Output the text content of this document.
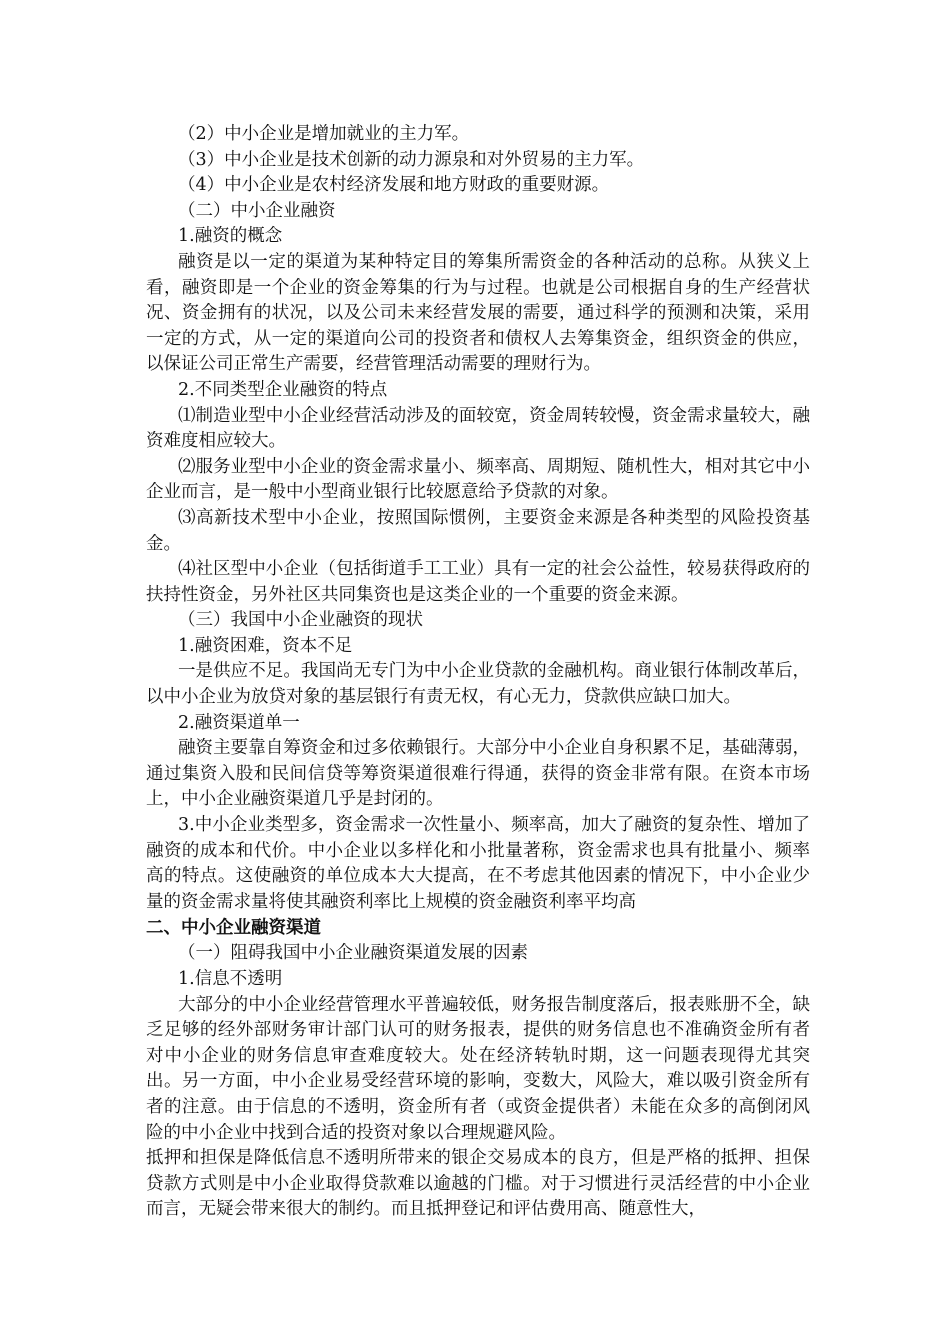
（2）中小企业是增加就业的主力军。

（3）中小企业是技术创新的动力源泉和对外贸易的主力军。

（4）中小企业是农村经济发展和地方财政的重要财源。

（二）中小企业融资

1.融资的概念

融资是以一定的渠道为某种特定目的筹集所需资金的各种活动的总称。从狭义上看，融资即是一个企业的资金筹集的行为与过程。也就是公司根据自身的生产经营状况、资金拥有的状况，以及公司未来经营发展的需要，通过科学的预测和决策，采用一定的方式，从一定的渠道向公司的投资者和债权人去筹集资金，组织资金的供应，以保证公司正常生产需要，经营管理活动需要的理财行为。

2.不同类型企业融资的特点

⑴制造业型中小企业经营活动涉及的面较宽，资金周转较慢，资金需求量较大，融资难度相应较大。

⑵服务业型中小企业的资金需求量小、频率高、周期短、随机性大，相对其它中小企业而言，是一般中小型商业银行比较愿意给予贷款的对象。

⑶高新技术型中小企业，按照国际惯例，主要资金来源是各种类型的风险投资基金。

⑷社区型中小企业（包括街道手工工业）具有一定的社会公益性，较易获得政府的扶持性资金，另外社区共同集资也是这类企业的一个重要的资金来源。

（三）我国中小企业融资的现状

1.融资困难，资本不足

一是供应不足。我国尚无专门为中小企业贷款的金融机构。商业银行体制改革后，以中小企业为放贷对象的基层银行有责无权，有心无力，贷款供应缺口加大。

2.融资渠道单一

融资主要靠自筹资金和过多依赖银行。大部分中小企业自身积累不足，基础薄弱，通过集资入股和民间信贷等筹资渠道很难行得通，获得的资金非常有限。在资本市场上，中小企业融资渠道几乎是封闭的。

3.中小企业类型多，资金需求一次性量小、频率高，加大了融资的复杂性、增加了融资的成本和代价。中小企业以多样化和小批量著称，资金需求也具有批量小、频率高的特点。这使融资的单位成本大大提高，在不考虑其他因素的情况下，中小企业少量的资金需求量将使其融资利率比上规模的资金融资利率平均高

二、中小企业融资渠道

（一）阻碍我国中小企业融资渠道发展的因素

1.信息不透明

大部分的中小企业经营管理水平普遍较低，财务报告制度落后，报表账册不全，缺乏足够的经外部财务审计部门认可的财务报表，提供的财务信息也不准确资金所有者对中小企业的财务信息审查难度较大。处在经济转轨时期，这一问题表现得尤其突出。另一方面，中小企业易受经营环境的影响，变数大，风险大，难以吸引资金所有者的注意。由于信息的不透明，资金所有者（或资金提供者）未能在众多的高倒闭风险的中小企业中找到合适的投资对象以合理规避风险。

抵押和担保是降低信息不透明所带来的银企交易成本的良方，但是严格的抵押、担保贷款方式则是中小企业取得贷款难以逾越的门槛。对于习惯进行灵活经营的中小企业而言，无疑会带来很大的制约。而且抵押登记和评估费用高、随意性大，
